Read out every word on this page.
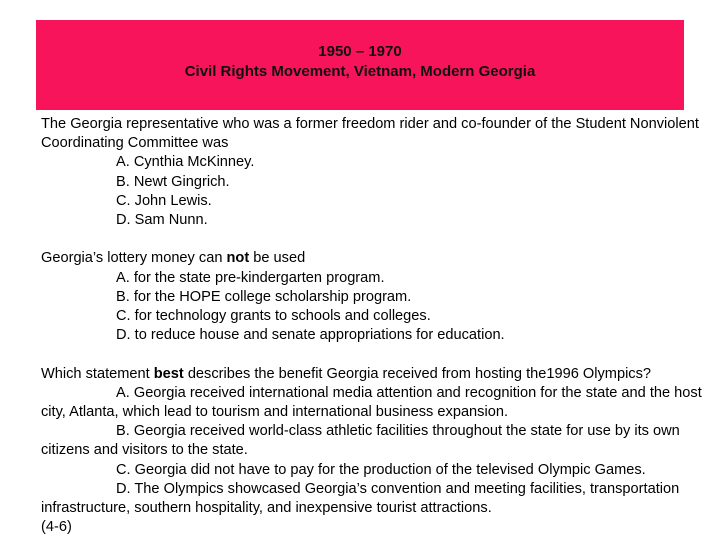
1950 – 1970
Civil Rights Movement, Vietnam, Modern Georgia
The Georgia representative who was a former freedom rider and co-founder of the Student Nonviolent Coordinating Committee was
A. Cynthia McKinney.
B. Newt Gingrich.
C. John Lewis.
D. Sam Nunn.
Georgia’s lottery money can not be used
A. for the state pre-kindergarten program.
B. for the HOPE college scholarship program.
C. for technology grants to schools and colleges.
D. to reduce house and senate appropriations for education.
Which statement best describes the benefit Georgia received from hosting the1996 Olympics?
A. Georgia received international media attention and recognition for the state and the host city, Atlanta, which lead to tourism and international business expansion.
B. Georgia received world-class athletic facilities throughout the state for use by its own citizens and visitors to the state.
C. Georgia did not have to pay for the production of the televised Olympic Games.
D. The Olympics showcased Georgia’s convention and meeting facilities, transportation infrastructure, southern hospitality, and inexpensive tourist attractions.
(4-6)
